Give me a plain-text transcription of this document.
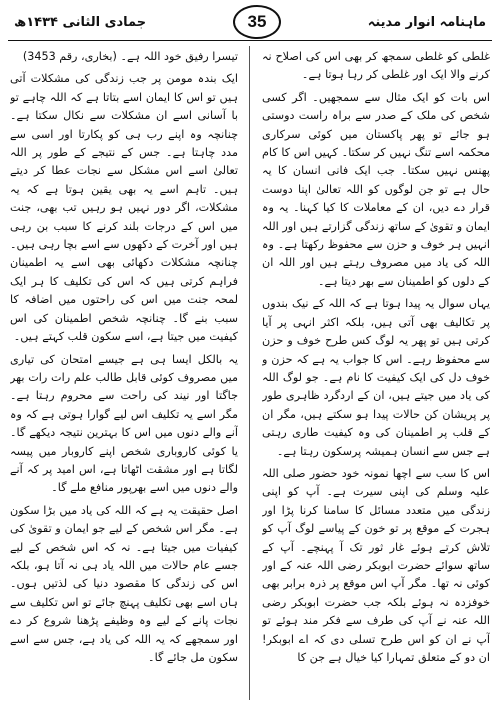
ماہنامہ انوار مدینہ
35
جمادی الثانی ۱۴۳۴ھ

غلطی کو غلطی سمجھ کر بھی اس کی اصلاح نہ کرنے والا ایک اور غلطی کر رہا ہوتا ہے۔

اس بات کو ایک مثال سے سمجھیں۔ اگر کسی شخص کی ملک کے صدر سے براہ راست دوستی ہو جائے تو پھر پاکستان میں کوئی سرکاری محکمہ اسے تنگ نہیں کر سکتا۔ کہیں اس کا کام پھنس نہیں سکتا۔ جب ایک فانی انسان کا یہ حال ہے تو جن لوگوں کو اللہ تعالیٰ اپنا دوست قرار دے دیں، ان کے معاملات کا کیا کہنا۔ یہ وہ ایمان و تقویٰ کے ساتھ زندگی گزارتے ہیں اور اللہ انہیں ہر خوف و حزن سے محفوظ رکھتا ہے۔ وہ اللہ کی یاد میں مصروف رہتے ہیں اور اللہ ان کے دلوں کو اطمینان سے بھر دیتا ہے۔

یہاں سوال یہ پیدا ہوتا ہے کہ اللہ کے نیک بندوں پر تکالیف بھی آتی ہیں، بلکہ اکثر انہی پر آیا کرتی ہیں تو پھر یہ لوگ کس طرح خوف و حزن سے محفوظ رہے۔ اس کا جواب یہ ہے کہ حزن و خوف دل کی ایک کیفیت کا نام ہے۔ جو لوگ اللہ کی یاد میں جیتے ہیں، ان کے اردگرد ظاہری طور پر پریشان کن حالات پیدا ہو سکتے ہیں، مگر ان کے قلب پر اطمینان کی وہ کیفیت طاری رہتی ہے جس سے انسان ہمیشہ پرسکون رہتا ہے۔

اس کا سب سے اچھا نمونہ خود حضور صلی اللہ علیہ وسلم کی اپنی سیرت ہے۔ آپ کو اپنی زندگی میں متعدد مسائل کا سامنا کرنا پڑا اور ہجرت کے موقع پر تو خون کے پیاسے لوگ آپ کو تلاش کرتے ہوئے غار ثور تک آ پہنچے۔ آپ کے ساتھ سوائے حضرت ابوبکر رضی اللہ عنہ کے اور کوئی نہ تھا۔ مگر آپ اس موقع پر ذرہ برابر بھی خوفزدہ نہ ہوئے بلکہ جب حضرت ابوبکر رضی اللہ عنہ نے آپ کی طرف سے فکر مند ہوئے تو آپ نے ان کو اس طرح تسلی دی کہ اے ابوبکر! ان دو کے متعلق تمہارا کیا خیال ہے جن کا

تیسرا رفیق خود اللہ ہے۔ (بخاری، رقم 3453)

ایک بندہ مومن پر جب زندگی کی مشکلات آتی ہیں تو اس کا ایمان اسے بتاتا ہے کہ اللہ چاہے تو با آسانی اسے ان مشکلات سے نکال سکتا ہے۔ چنانچہ وہ اپنے رب ہی کو پکارتا اور اسی سے مدد چاہتا ہے۔ جس کے نتیجے کے طور پر اللہ تعالیٰ اسے اس مشکل سے نجات عطا کر دیتے ہیں۔ تاہم اسے یہ بھی یقین ہوتا ہے کہ یہ مشکلات، اگر دور نہیں ہو رہیں تب بھی، جنت میں اس کے درجات بلند کرنے کا سبب بن رہی ہیں اور آخرت کے دکھوں سے اسے بچا رہی ہیں۔ چنانچہ مشکلات دکھائی بھی اسے یہ اطمینان فراہم کرتی ہیں کہ اس کی تکلیف کا ہر ایک لمحہ جنت میں اس کی راحتوں میں اضافہ کا سبب بنے گا۔ چنانچہ شخص اطمینان کی اس کیفیت میں جیتا ہے، اسے سکون قلب کہتے ہیں۔

یہ بالکل ایسا ہی ہے جیسے امتحان کی تیاری میں مصروف کوئی قابل طالب علم رات رات بھر جاگتا اور نیند کی راحت سے محروم رہتا ہے۔ مگر اسے یہ تکلیف اس لیے گوارا ہوتی ہے کہ وہ آنے والے دنوں میں اس کا بہترین نتیجہ دیکھے گا۔ یا کوئی کاروباری شخص اپنے کاروبار میں پیسہ لگاتا ہے اور مشقت اٹھاتا ہے، اس امید پر کہ آنے والے دنوں میں اسے بھرپور منافع ملے گا۔

اصل حقیقت یہ ہے کہ اللہ کی یاد میں بڑا سکون ہے۔ مگر اس شخص کے لیے جو ایمان و تقویٰ کی کیفیات میں جیتا ہے۔ نہ کہ اس شخص کے لیے جسے عام حالات میں اللہ یاد ہی نہ آتا ہو، بلکہ اس کی زندگی کا مقصود دنیا کی لذتیں ہوں۔ ہاں اسے بھی تکلیف پہنچ جائے تو اس تکلیف سے نجات پانے کے لیے وہ وظیفے پڑھنا شروع کر دے اور سمجھے کہ یہ اللہ کی یاد ہے، جس سے اسے سکون مل جائے گا۔
